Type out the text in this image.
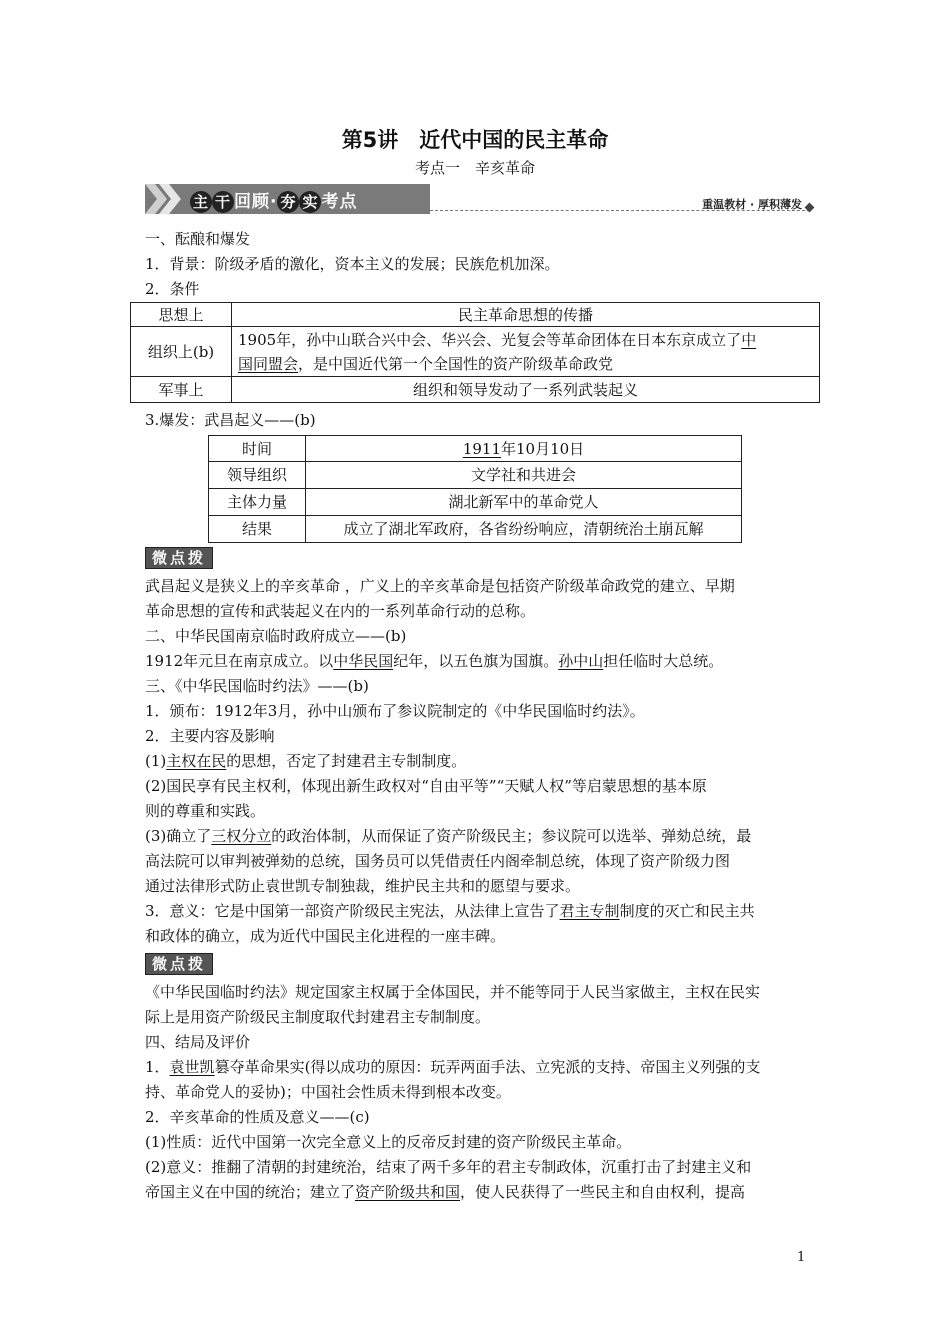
第5讲　近代中国的民主革命
考点一　辛亥革命
主 干 回顾· 夯 实 考点	重温教材 · 厚积薄发
一、酝酿和爆发
1．背景：阶级矛盾的激化，资本主义的发展；民族危机加深。
2．条件
思想上	民主革命思想的传播
组织上(b)	1905年，孙中山联合兴中会、华兴会、光复会等革命团体在日本东京成立了中
国同盟会，是中国近代第一个全国性的资产阶级革命政党
军事上	组织和领导发动了一系列武装起义
3.爆发：武昌起义——(b)
时间	1911年10月10日
领导组织	文学社和共进会
主体力量	湖北新军中的革命党人
结果	成立了湖北军政府，各省纷纷响应，清朝统治土崩瓦解
微点拨
武昌起义是狭义上的辛亥革命 ，广义上的辛亥革命是包括资产阶级革命政党的建立、早期
革命思想的宣传和武装起义在内的一系列革命行动的总称。
二、中华民国南京临时政府成立——(b)
1912年元旦在南京成立。以中华民国纪年，以五色旗为国旗。孙中山担任临时大总统。
三、《中华民国临时约法》——(b)
1．颁布：1912年3月，孙中山颁布了参议院制定的《中华民国临时约法》。
2．主要内容及影响
(1)主权在民的思想，否定了封建君主专制制度。
(2)国民享有民主权利，体现出新生政权对“自由平等”“天赋人权”等启蒙思想的基本原
则的尊重和实践。
(3)确立了三权分立的政治体制，从而保证了资产阶级民主；参议院可以选举、弹劾总统，最
高法院可以审判被弹劾的总统，国务员可以凭借责任内阁牵制总统，体现了资产阶级力图
通过法律形式防止袁世凯专制独裁，维护民主共和的愿望与要求。
3．意义：它是中国第一部资产阶级民主宪法，从法律上宣告了君主专制制度的灭亡和民主共
和政体的确立，成为近代中国民主化进程的一座丰碑。
微点拨
《中华民国临时约法》规定国家主权属于全体国民，并不能等同于人民当家做主，主权在民实
际上是用资产阶级民主制度取代封建君主专制制度。
四、结局及评价
1．袁世凯篡夺革命果实(得以成功的原因：玩弄两面手法、立宪派的支持、帝国主义列强的支
持、革命党人的妥协)；中国社会性质未得到根本改变。
2．辛亥革命的性质及意义——(c)
(1)性质：近代中国第一次完全意义上的反帝反封建的资产阶级民主革命。
(2)意义：推翻了清朝的封建统治，结束了两千多年的君主专制政体，沉重打击了封建主义和
帝国主义在中国的统治；建立了资产阶级共和国，使人民获得了一些民主和自由权利，提高
1
